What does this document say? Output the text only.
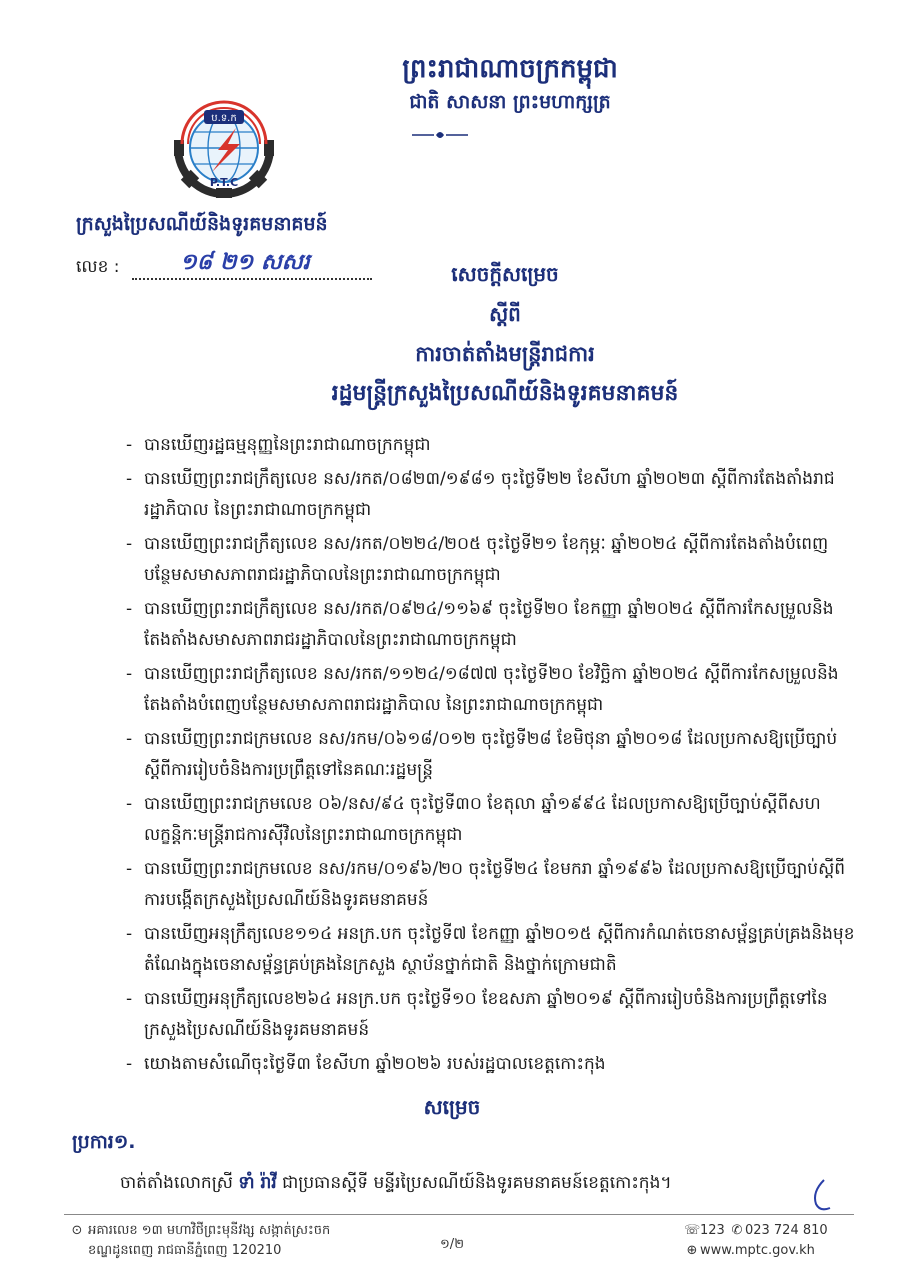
ព្រះរាជាណាចក្រកម្ពុជា
ជាតិ សាសនា ព្រះមហាក្សត្រ
ប.ទ.ក
P.T.C
ក្រសួងប្រៃសណីយ៍និងទូរគមនាគមន៍
លេខ :	១៨ ២១ សសរ	សេចក្តីសម្រេច
ស្តីពី
ការចាត់តាំងមន្ត្រីរាជការ
រដ្ឋមន្ត្រីក្រសួងប្រៃសណីយ៍និងទូរគមនាគមន៍
- បានឃើញរដ្ឋធម្មនុញ្ញនៃព្រះរាជាណាចក្រកម្ពុជា
- បានឃើញព្រះរាជក្រឹត្យលេខ នស/រកត/០៨២៣/១៩៨១ ចុះថ្ងៃទី២២ ខែសីហា ឆ្នាំ២០២៣ ស្តីពីការតែងតាំងរាជរដ្ឋាភិបាល នៃព្រះរាជាណាចក្រកម្ពុជា
- បានឃើញព្រះរាជក្រឹត្យលេខ នស/រកត/០២២៤/២០៥ ចុះថ្ងៃទី២១ ខែកុម្ភៈ ឆ្នាំ២០២៤ ស្តីពីការតែងតាំងបំពេញបន្ថែមសមាសភាពរាជរដ្ឋាភិបាលនៃព្រះរាជាណាចក្រកម្ពុជា
- បានឃើញព្រះរាជក្រឹត្យលេខ នស/រកត/០៩២៤/១១៦៩ ចុះថ្ងៃទី២០ ខែកញ្ញា ឆ្នាំ២០២៤ ស្តីពីការកែសម្រួលនិងតែងតាំងសមាសភាពរាជរដ្ឋាភិបាលនៃព្រះរាជាណាចក្រកម្ពុជា
- បានឃើញព្រះរាជក្រឹត្យលេខ នស/រកត/១១២៤/១៨៧៧ ចុះថ្ងៃទី២០ ខែវិច្ឆិកា ឆ្នាំ២០២៤ ស្តីពីការកែសម្រួលនិងតែងតាំងបំពេញបន្ថែមសមាសភាពរាជរដ្ឋាភិបាល នៃព្រះរាជាណាចក្រកម្ពុជា
- បានឃើញព្រះរាជក្រមលេខ នស/រកម/០៦១៨/០១២ ចុះថ្ងៃទី២៨ ខែមិថុនា ឆ្នាំ២០១៨ ដែលប្រកាសឱ្យប្រើច្បាប់ស្តីពីការរៀបចំនិងការប្រព្រឹត្តទៅនៃគណៈរដ្ឋមន្ត្រី
- បានឃើញព្រះរាជក្រមលេខ ០៦/នស/៩៤ ចុះថ្ងៃទី៣០ ខែតុលា ឆ្នាំ១៩៩៤ ដែលប្រកាសឱ្យប្រើច្បាប់ស្តីពីសហលក្ខន្តិកៈមន្ត្រីរាជការស៊ីវិលនៃព្រះរាជាណាចក្រកម្ពុជា
- បានឃើញព្រះរាជក្រមលេខ នស/រកម/០១៩៦/២០ ចុះថ្ងៃទី២៤ ខែមករា ឆ្នាំ១៩៩៦ ដែលប្រកាសឱ្យប្រើច្បាប់ស្តីពីការបង្កើតក្រសួងប្រៃសណីយ៍និងទូរគមនាគមន៍
- បានឃើញអនុក្រឹត្យលេខ១១៤ អនក្រ.បក ចុះថ្ងៃទី៧ ខែកញ្ញា ឆ្នាំ២០១៥ ស្តីពីការកំណត់ចេនាសម្ព័ន្ធគ្រប់គ្រងនិងមុខតំណែងក្នុងចេនាសម្ព័ន្ធគ្រប់គ្រងនៃក្រសួង ស្ថាប័នថ្នាក់ជាតិ និងថ្នាក់ក្រោមជាតិ
- បានឃើញអនុក្រឹត្យលេខ២៦៤ អនក្រ.បក ចុះថ្ងៃទី១០ ខែឧសភា ឆ្នាំ២០១៩ ស្តីពីការរៀបចំនិងការប្រព្រឹត្តទៅនៃក្រសួងប្រៃសណីយ៍និងទូរគមនាគមន៍
- យោងតាមសំណើចុះថ្ងៃទី៣ ខែសីហា ឆ្នាំ២០២៦ របស់រដ្ឋបាលខេត្តកោះកុង
សម្រេច
ប្រការ១.
ចាត់តាំងលោកស្រី ទាំ រ៉ាវី ជាប្រធានស្តីទី មន្ទីរប្រៃសណីយ៍និងទូរគមនាគមន៍ខេត្តកោះកុង។
⊙ អគារលេខ ១៣ មហាវិថីព្រះមុនីវង្ស សង្កាត់ស្រះចក
ខណ្ឌដូនពេញ រាជធានីភ្នំពេញ 120210	១/២
☏123 ✆ 023 724 810
⊕ www.mptc.gov.kh
